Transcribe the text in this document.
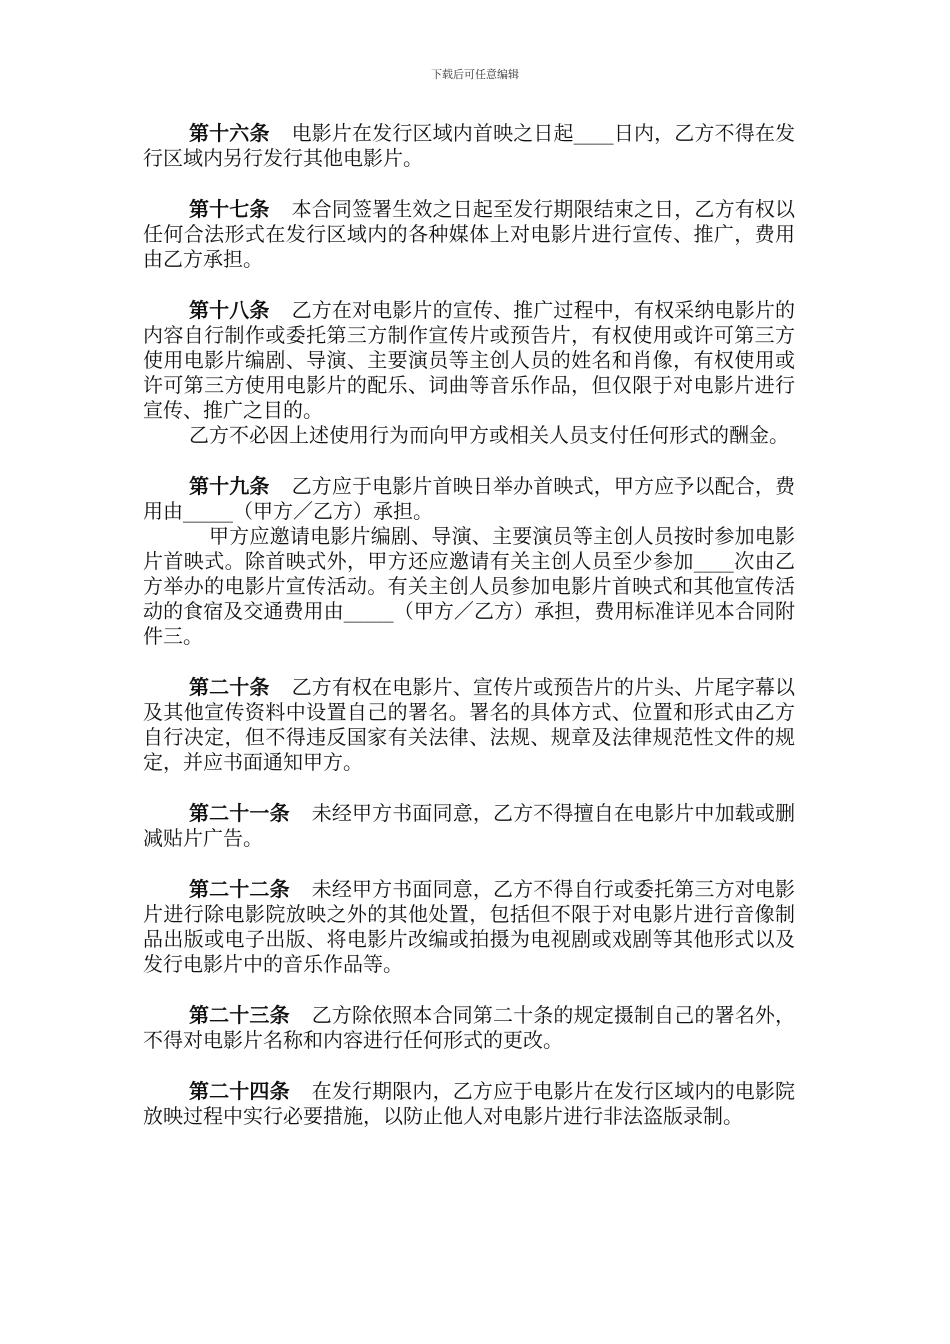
下载后可任意编辑

第十六条 电影片在发行区域内首映之日起____日内，乙方不得在发行区域内另行发行其他电影片。

第十七条 本合同签署生效之日起至发行期限结束之日，乙方有权以任何合法形式在发行区域内的各种媒体上对电影片进行宣传、推广，费用由乙方承担。

第十八条 乙方在对电影片的宣传、推广过程中，有权采纳电影片的内容自行制作或委托第三方制作宣传片或预告片，有权使用或许可第三方使用电影片编剧、导演、主要演员等主创人员的姓名和肖像，有权使用或许可第三方使用电影片的配乐、词曲等音乐作品，但仅限于对电影片进行宣传、推广之目的。

乙方不必因上述使用行为而向甲方或相关人员支付任何形式的酬金。

第十九条 乙方应于电影片首映日举办首映式，甲方应予以配合，费用由_____（甲方／乙方）承担。

甲方应邀请电影片编剧、导演、主要演员等主创人员按时参加电影片首映式。除首映式外，甲方还应邀请有关主创人员至少参加____次由乙方举办的电影片宣传活动。有关主创人员参加电影片首映式和其他宣传活动的食宿及交通费用由_____（甲方／乙方）承担，费用标准详见本合同附件三。

第二十条 乙方有权在电影片、宣传片或预告片的片头、片尾字幕以及其他宣传资料中设置自己的署名。署名的具体方式、位置和形式由乙方自行决定，但不得违反国家有关法律、法规、规章及法律规范性文件的规定，并应书面通知甲方。

第二十一条 未经甲方书面同意，乙方不得擅自在电影片中加载或删减贴片广告。

第二十二条 未经甲方书面同意，乙方不得自行或委托第三方对电影片进行除电影院放映之外的其他处置，包括但不限于对电影片进行音像制品出版或电子出版、将电影片改编或拍摄为电视剧或戏剧等其他形式以及发行电影片中的音乐作品等。

第二十三条 乙方除依照本合同第二十条的规定摄制自己的署名外，不得对电影片名称和内容进行任何形式的更改。

第二十四条 在发行期限内，乙方应于电影片在发行区域内的电影院放映过程中实行必要措施，以防止他人对电影片进行非法盗版录制。
